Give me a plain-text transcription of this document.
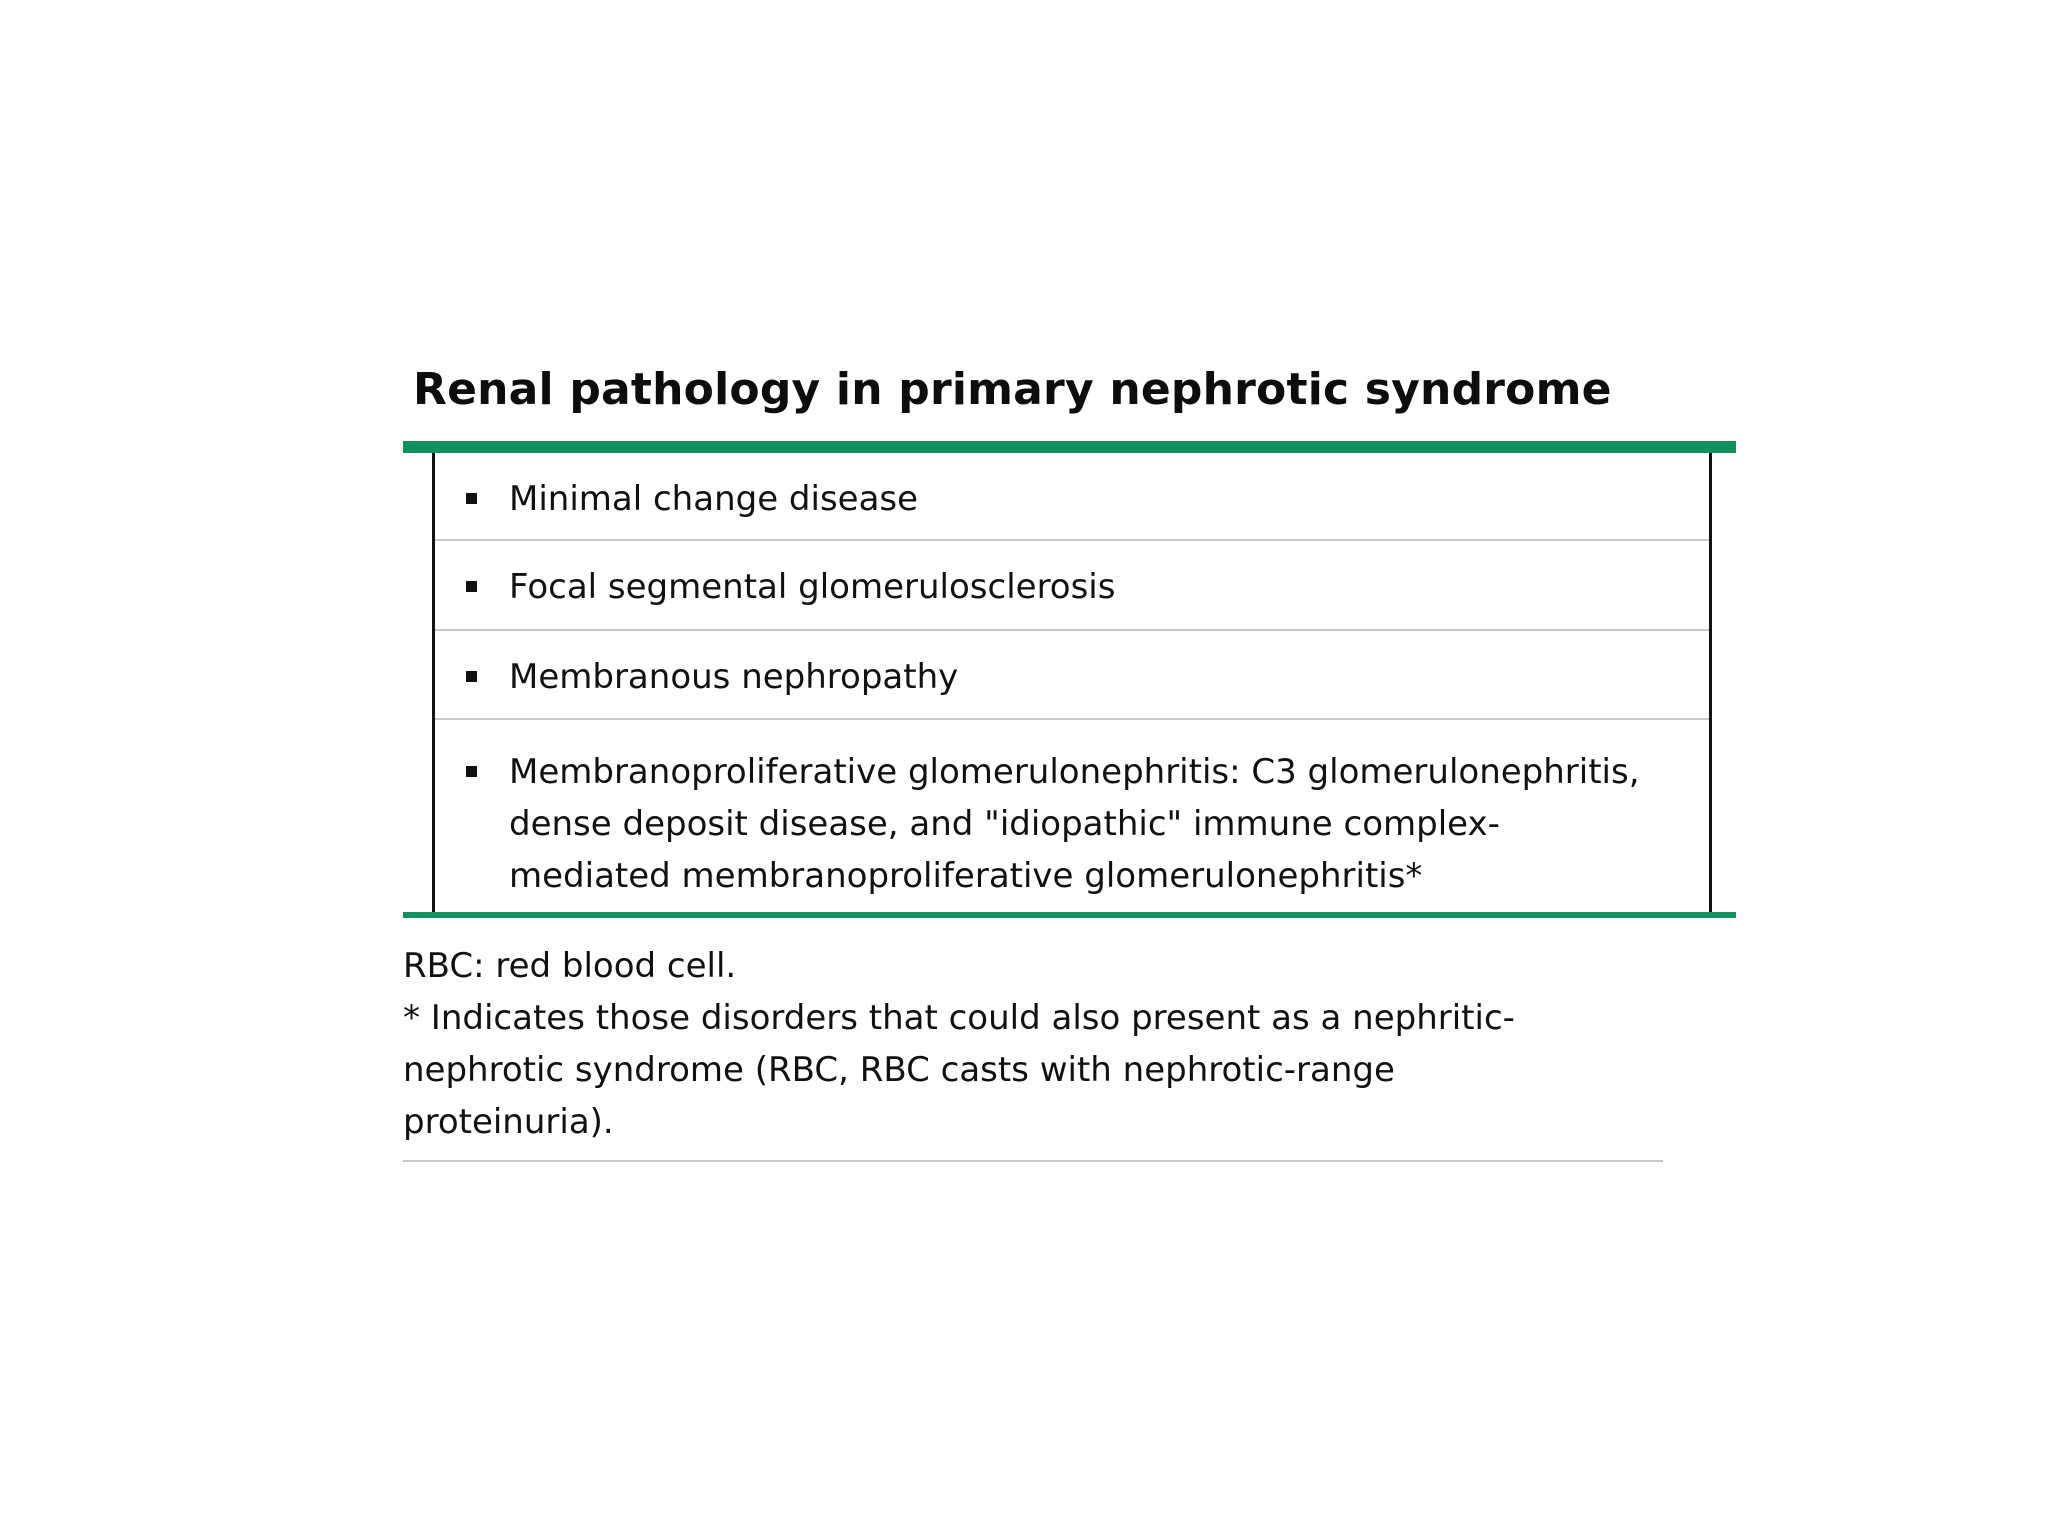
Renal pathology in primary nephrotic syndrome
Minimal change disease
Focal segmental glomerulosclerosis
Membranous nephropathy
Membranoproliferative glomerulonephritis: C3 glomerulonephritis,
dense deposit disease, and "idiopathic" immune complex-
mediated membranoproliferative glomerulonephritis*
RBC: red blood cell.
* Indicates those disorders that could also present as a nephritic-
nephrotic syndrome (RBC, RBC casts with nephrotic-range
proteinuria).
